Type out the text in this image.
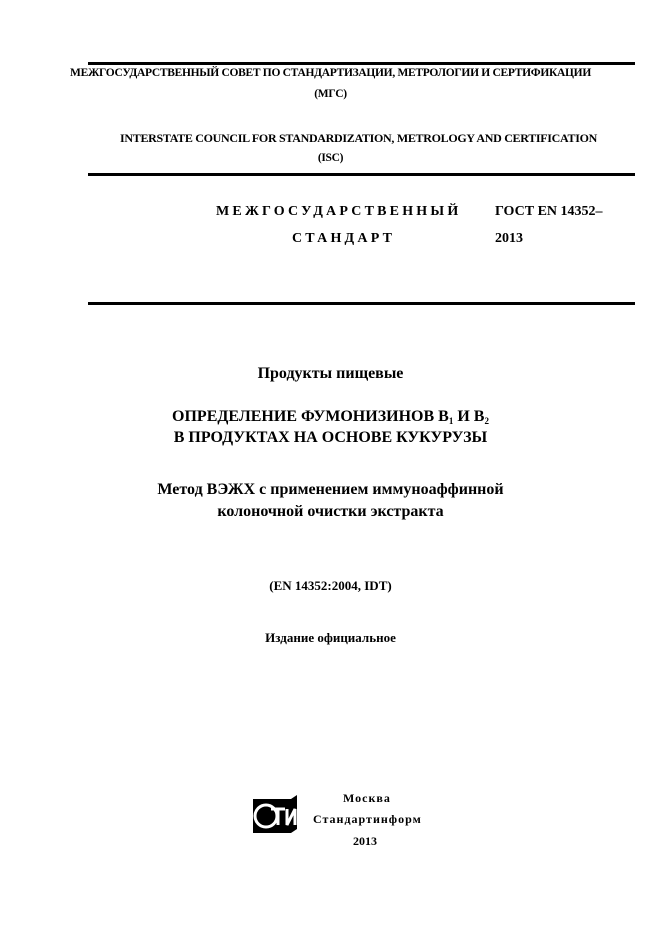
МЕЖГОСУДАРСТВЕННЫЙ СОВЕТ ПО СТАНДАРТИЗАЦИИ, МЕТРОЛОГИИ И СЕРТИФИКАЦИИ
(МГС)
INTERSTATE COUNCIL FOR STANDARDIZATION, METROLOGY AND CERTIFICATION
(ISC)
МЕЖГОСУДАРСТВЕННЫЙ
СТАНДАРТ
ГОСТ EN 14352–
2013
Продукты пищевые
ОПРЕДЕЛЕНИЕ ФУМОНИЗИНОВ $B_1$ И $B_2$
В ПРОДУКТАХ НА ОСНОВЕ КУКУРУЗЫ
Метод ВЭЖХ с применением иммуноаффинной
колоночной очистки экстракта
(EN 14352:2004, IDT)
Издание официальное
Москва
Стандартинформ
2013
